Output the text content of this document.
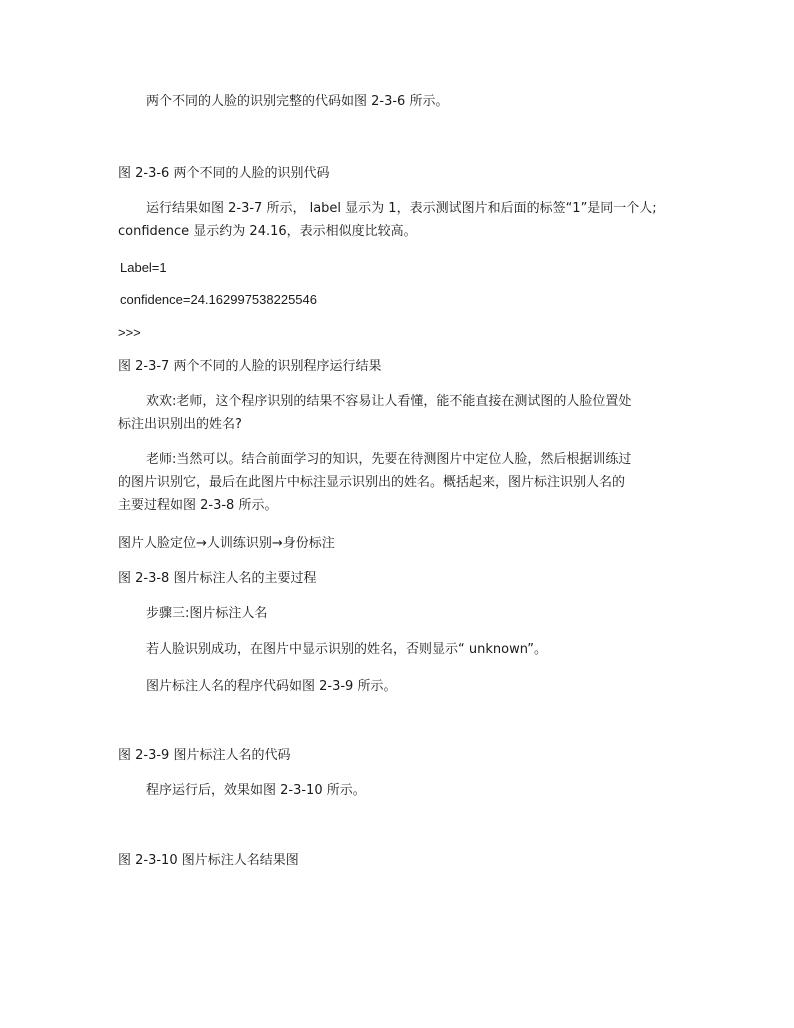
两个不同的人脸的识别完整的代码如图 2-3-6 所示。
图 2-3-6 两个不同的人脸的识别代码
运行结果如图 2-3-7 所示， label 显示为 1，表示测试图片和后面的标签“1”是同一个人;
confidence 显示约为 24.16，表示相似度比较高。
Label=1
confidence=24.162997538225546
>>>
图 2-3-7 两个不同的人脸的识别程序运行结果
欢欢:老师，这个程序识别的结果不容易让人看懂，能不能直接在测试图的人脸位置处
标注出识别出的姓名?
老师:当然可以。结合前面学习的知识，先要在待测图片中定位人脸，然后根据训练过
的图片识别它，最后在此图片中标注显示识别出的姓名。概括起来，图片标注识别人名的
主要过程如图 2-3-8 所示。
图片人脸定位→人训练识别→身份标注
图 2-3-8 图片标注人名的主要过程
步骤三:图片标注人名
若人脸识别成功，在图片中显示识别的姓名，否则显示“ unknown”。
图片标注人名的程序代码如图 2-3-9 所示。
图 2-3-9 图片标注人名的代码
程序运行后，效果如图 2-3-10 所示。
图 2-3-10 图片标注人名结果图
